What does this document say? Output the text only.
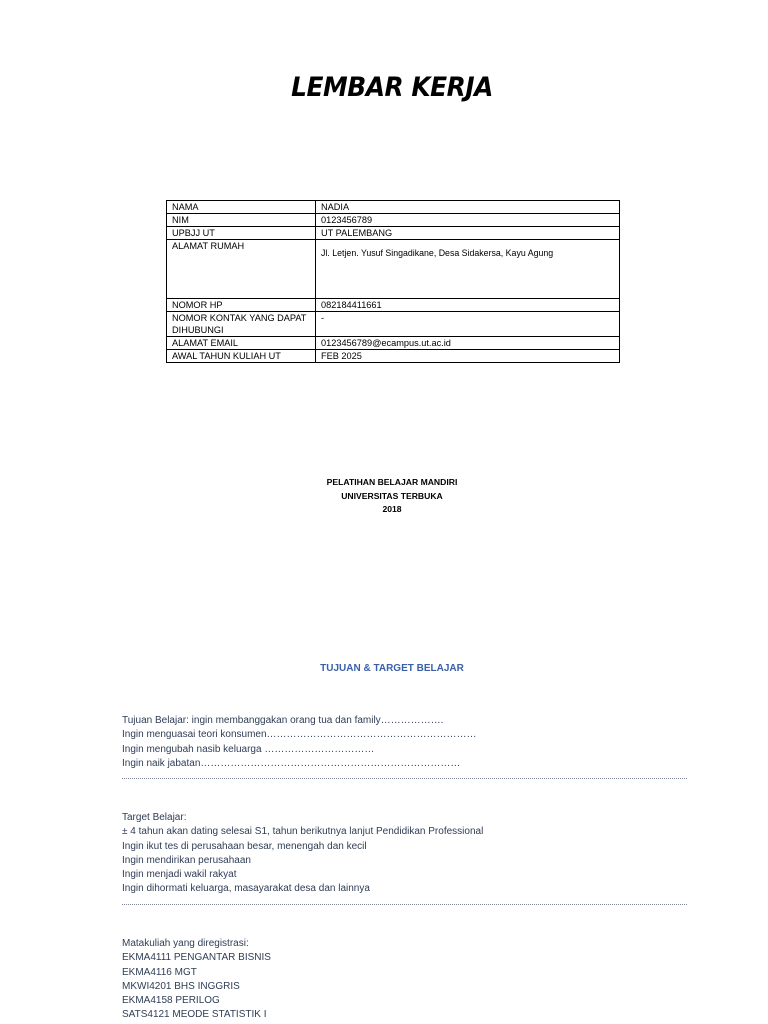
LEMBAR KERJA
NAMA	NADIA
NIM	0123456789
UPBJJ UT	UT PALEMBANG
ALAMAT RUMAH	Jl. Letjen. Yusuf Singadikane, Desa Sidakersa, Kayu Agung
NOMOR HP	082184411661
NOMOR KONTAK YANG DAPAT DIHUBUNGI	-
ALAMAT EMAIL	0123456789@ecampus.ut.ac.id
AWAL TAHUN KULIAH UT	FEB 2025
PELATIHAN BELAJAR MANDIRI
UNIVERSITAS TERBUKA
2018
TUJUAN & TARGET BELAJAR
Tujuan Belajar: ingin membanggakan orang tua dan family……………….
Ingin menguasai teori konsumen………………………………………………………
Ingin mengubah nasib keluarga ……………………………
Ingin naik jabatan……………………………………………………………………
Target Belajar:
± 4 tahun akan dating selesai S1, tahun berikutnya lanjut Pendidikan Professional
Ingin ikut tes di perusahaan besar, menengah dan kecil
Ingin mendirikan perusahaan
Ingin menjadi wakil rakyat
Ingin dihormati keluarga, masayarakat desa dan lainnya
Matakuliah yang diregistrasi:
EKMA4111 PENGANTAR BISNIS
EKMA4116 MGT
MKWI4201 BHS INGGRIS
EKMA4158 PERILOG
SATS4121 MEODE STATISTIK I
